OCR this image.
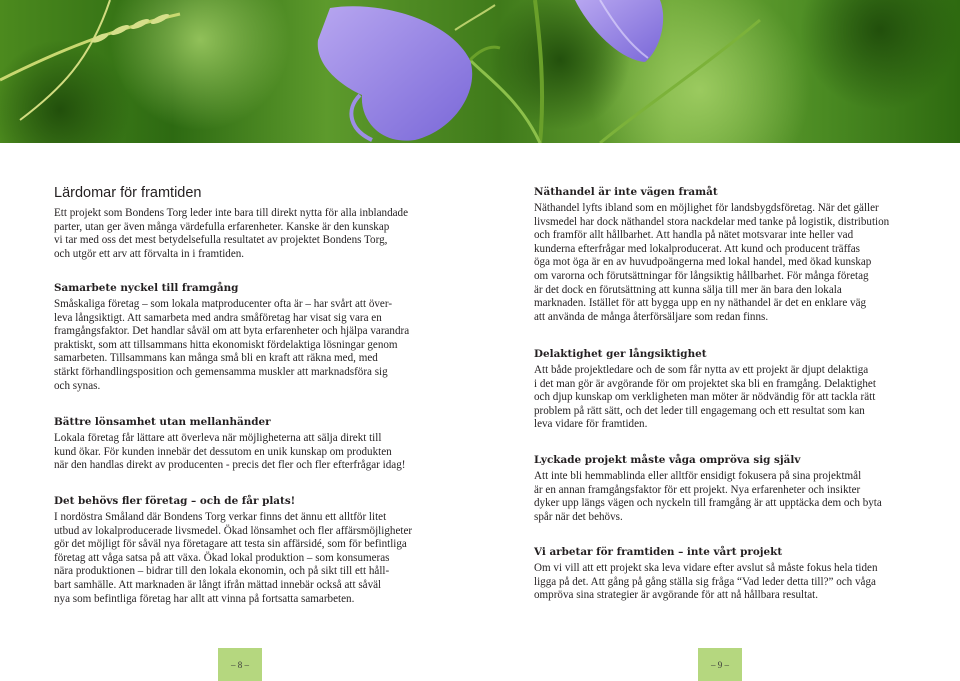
Lärdomar för framtiden

Ett projekt som Bondens Torg leder inte bara till direkt nytta för alla inblandade
parter, utan ger även många värdefulla erfarenheter. Kanske är den kunskap
vi tar med oss det mest betydelsefulla resultatet av projektet Bondens Torg,
och utgör ett arv att förvalta in i framtiden.

Samarbete nyckel till framgång

Småskaliga företag – som lokala matproducenter ofta är – har svårt att över-
leva långsiktigt. Att samarbeta med andra småföretag har visat sig vara en
framgångsfaktor. Det handlar såväl om att byta erfarenheter och hjälpa varandra
praktiskt, som att tillsammans hitta ekonomiskt fördelaktiga lösningar genom
samarbeten. Tillsammans kan många små bli en kraft att räkna med, med
stärkt förhandlingsposition och gemensamma muskler att marknadsföra sig
och synas.

Bättre lönsamhet utan mellanhänder

Lokala företag får lättare att överleva när möjligheterna att sälja direkt till
kund ökar. För kunden innebär det dessutom en unik kunskap om produkten
när den handlas direkt av producenten - precis det fler och fler efterfrågar idag!

Det behövs fler företag – och de får plats!

I nordöstra Småland där Bondens Torg verkar finns det ännu ett alltför litet
utbud av lokalproducerade livsmedel. Ökad lönsamhet och fler affärsmöjligheter
gör det möjligt för såväl nya företagare att testa sin affärsidé, som för befintliga
företag att våga satsa på att växa. Ökad lokal produktion – som konsumeras
nära produktionen – bidrar till den lokala ekonomin, och på sikt till ett håll-
bart samhälle. Att marknaden är långt ifrån mättad innebär också att såväl
nya som befintliga företag har allt att vinna på fortsatta samarbeten.

– 8 –
Näthandel är inte vägen framåt

Näthandel lyfts ibland som en möjlighet för landsbygdsföretag. När det gäller
livsmedel har dock näthandel stora nackdelar med tanke på logistik, distribution
och framför allt hållbarhet. Att handla på nätet motsvarar inte heller vad
kunderna efterfrågar med lokalproducerat. Att kund och producent träffas
öga mot öga är en av huvudpoängerna med lokal handel, med ökad kunskap
om varorna och förutsättningar för långsiktig hållbarhet. För många företag
är det dock en förutsättning att kunna sälja till mer än bara den lokala
marknaden. Istället för att bygga upp en ny näthandel är det en enklare väg
att använda de många återförsäljare som redan finns.

Delaktighet ger långsiktighet

Att både projektledare och de som får nytta av ett projekt är djupt delaktiga
i det man gör är avgörande för om projektet ska bli en framgång. Delaktighet
och djup kunskap om verkligheten man möter är nödvändig för att tackla rätt
problem på rätt sätt, och det leder till engagemang och ett resultat som kan
leva vidare för framtiden.

Lyckade projekt måste våga ompröva sig själv

Att inte bli hemmablinda eller alltför ensidigt fokusera på sina projektmål
är en annan framgångsfaktor för ett projekt. Nya erfarenheter och insikter
dyker upp längs vägen och nyckeln till framgång är att upptäcka dem och byta
spår när det behövs.

Vi arbetar för framtiden – inte vårt projekt

Om vi vill att ett projekt ska leva vidare efter avslut så måste fokus hela tiden
ligga på det. Att gång på gång ställa sig fråga “Vad leder detta till?” och våga
ompröva sina strategier är avgörande för att nå hållbara resultat.

– 9 –
